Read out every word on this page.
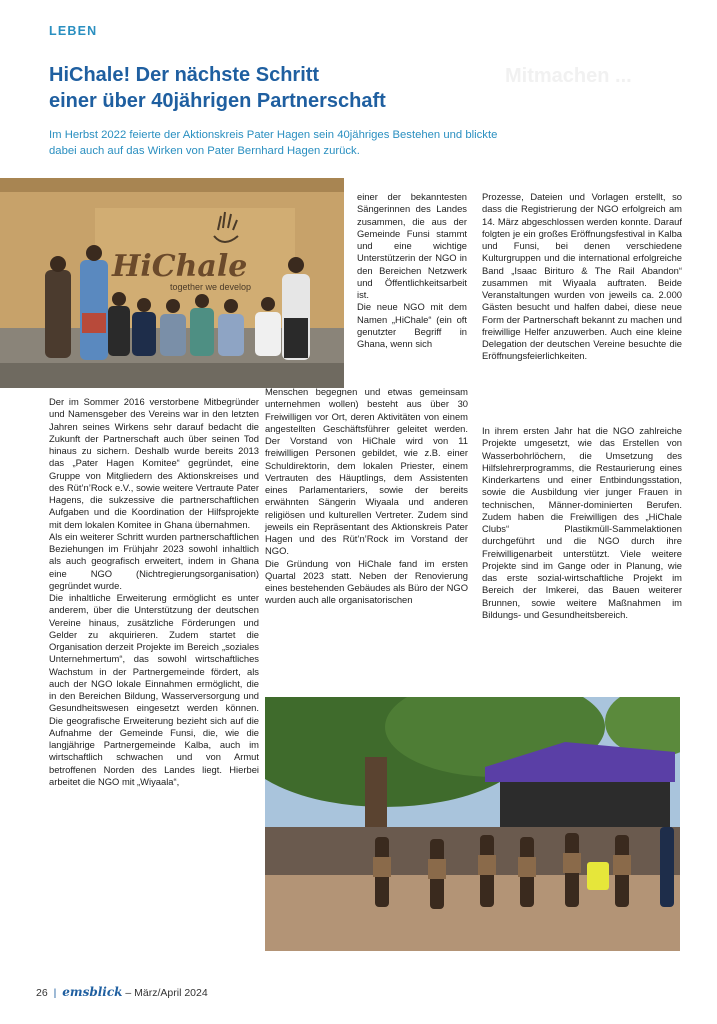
LEBEN
Mitmachen ...
HiChale! Der nächste Schritt
einer über 40jährigen Partnerschaft

Im Herbst 2022 feierte der Aktionskreis Pater Hagen sein 40jähriges Bestehen und blickte dabei auch auf das Wirken von Pater Bernhard Hagen zurück.

HiChale
together we develop

Der im Sommer 2016 verstorbene Mitbegründer und Namensgeber des Vereins war in den letzten Jahren seines Wirkens sehr darauf bedacht die Zukunft der Partnerschaft auch über seinen Tod hinaus zu sichern. Deshalb wurde bereits 2013 das „Pater Hagen Komitee“ gegründet, eine Gruppe von Mitgliedern des Aktionskreises und des Rüt’n’Rock e.V., sowie weitere Vertraute Pater Hagens, die sukzessive die partnerschaftlichen Aufgaben und die Koordination der Hilfsprojekte mit dem lokalen Komitee in Ghana übernahmen.

Als ein weiterer Schritt wurden partnerschaftlichen Beziehungen im Frühjahr 2023 sowohl inhaltlich als auch geografisch erweitert, indem in Ghana eine NGO (Nichtregierungsorganisation) gegründet wurde.

Die inhaltliche Erweiterung ermöglicht es unter anderem, über die Unterstützung der deutschen Vereine hinaus, zusätzliche Förderungen und Gelder zu akquirieren. Zudem startet die Organisation derzeit Projekte im Bereich „soziales Unternehmertum“, das sowohl wirtschaftliches Wachstum in der Partnergemeinde fördert, als auch der NGO lokale Einnahmen ermöglicht, die in den Bereichen Bildung, Wasserversorgung und Gesundheitswesen eingesetzt werden können. Die geografische Erweiterung bezieht sich auf die Aufnahme der Gemeinde Funsi, die, wie die langjährige Partnergemeinde Kalba, auch im wirtschaftlich schwachen und von Armut betroffenen Norden des Landes liegt. Hierbei arbeitet die NGO mit „Wiyaala“,

einer der bekanntesten Sängerinnen des Landes zusammen, die aus der Gemeinde Funsi stammt und eine wichtige Unterstützerin der NGO in den Bereichen Netzwerk und Öffentlichkeitsarbeit ist.

Die neue NGO mit dem Namen „HiChale“ (ein oft genutzter Begriff in Ghana, wenn sich

Menschen begegnen und etwas gemeinsam unternehmen wollen) besteht aus über 30 Freiwilligen vor Ort, deren Aktivitäten von einem angestellten Geschäftsführer geleitet werden. Der Vorstand von HiChale wird von 11 freiwilligen Personen gebildet, wie z.B. einer Schuldirektorin, dem lokalen Priester, einem Vertrauten des Häuptlings, dem Assistenten eines Parlamentariers, sowie der bereits erwähnten Sängerin Wiyaala und anderen religiösen und kulturellen Vertreter. Zudem sind jeweils ein Repräsentant des Aktionskreis Pater Hagen und des Rüt’n’Rock im Vorstand der NGO.

Die Gründung von HiChale fand im ersten Quartal 2023 statt. Neben der Renovierung eines bestehenden Gebäudes als Büro der NGO wurden auch alle organisatorischen

Prozesse, Dateien und Vorlagen erstellt, so dass die Registrierung der NGO erfolgreich am 14. März abgeschlossen werden konnte. Darauf folgten je ein großes Eröffnungsfestival in Kalba und Funsi, bei denen verschiedene Kulturgruppen und die international erfolgreiche Band „Isaac Birituro & The Rail Abandon“ zusammen mit Wiyaala auftraten. Beide Veranstaltungen wurden von jeweils ca. 2.000 Gästen besucht und halfen dabei, diese neue Form der Partnerschaft bekannt zu machen und freiwillige Helfer anzuwerben. Auch eine kleine Delegation der deutschen Vereine besuchte die Eröffnungsfeierlichkeiten.

In ihrem ersten Jahr hat die NGO zahlreiche Projekte umgesetzt, wie das Erstellen von Wasserbohrlöchern, die Umsetzung des Hilfslehrerprogramms, die Restaurierung eines Kinderkartens und einer Entbindungsstation, sowie die Ausbildung vier junger Frauen in technischen, Männer-dominierten Berufen. Zudem haben die Freiwilligen des „HiChale Clubs“ Plastikmüll-Sammelaktionen durchgeführt und die NGO durch ihre Freiwilligenarbeit unterstützt. Viele weitere Projekte sind im Gange oder in Planung, wie das erste sozial-wirtschaftliche Projekt im Bereich der Imkerei, das Bauen weiterer Brunnen, sowie weitere Maßnahmen im Bildungs- und Gesundheitsbereich.

26 | emsblick – März/April 2024
